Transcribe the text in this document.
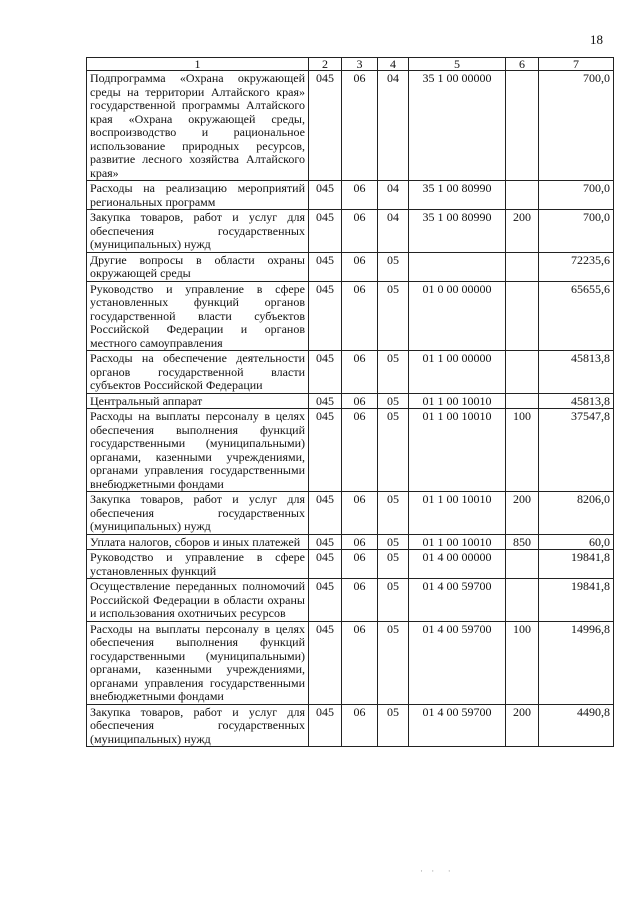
18
1	2	3	4	5	6	7
Подпрограмма «Охрана окружающей среды на территории Алтайского края» государственной программы Алтайского края «Охрана окружающей среды, воспроизводство и рациональное использование природных ресурсов, развитие лесного хозяйства Алтайского края»	045	06	04	35 1 00 00000		700,0
Расходы на реализацию мероприятий региональных программ	045	06	04	35 1 00 80990		700,0
Закупка товаров, работ и услуг для обеспечения государственных (муниципальных) нужд	045	06	04	35 1 00 80990	200	700,0
Другие вопросы в области охраны окружающей среды	045	06	05			72235,6
Руководство и управление в сфере установленных функций органов государственной власти субъектов Российской Федерации и органов местного самоуправления	045	06	05	01 0 00 00000		65655,6
Расходы на обеспечение деятельности органов государственной власти субъектов Российской Федерации	045	06	05	01 1 00 00000		45813,8
Центральный аппарат	045	06	05	01 1 00 10010		45813,8
Расходы на выплаты персоналу в целях обеспечения выполнения функций государственными (муниципальными) органами, казенными учреждениями, органами управления государственными внебюджетными фондами	045	06	05	01 1 00 10010	100	37547,8
Закупка товаров, работ и услуг для обеспечения государственных (муниципальных) нужд	045	06	05	01 1 00 10010	200	8206,0
Уплата налогов, сборов и иных платежей	045	06	05	01 1 00 10010	850	60,0
Руководство и управление в сфере установленных функций	045	06	05	01 4 00 00000		19841,8
Осуществление переданных полномочий Российской Федерации в области охраны и использования охотничьих ресурсов	045	06	05	01 4 00 59700		19841,8
Расходы на выплаты персоналу в целях обеспечения выполнения функций государственными (муниципальными) органами, казенными учреждениями, органами управления государственными внебюджетными фондами	045	06	05	01 4 00 59700	100	14996,8
Закупка товаров, работ и услуг для обеспечения государственных (муниципальных) нужд	045	06	05	01 4 00 59700	200	4490,8
· ·  ·
